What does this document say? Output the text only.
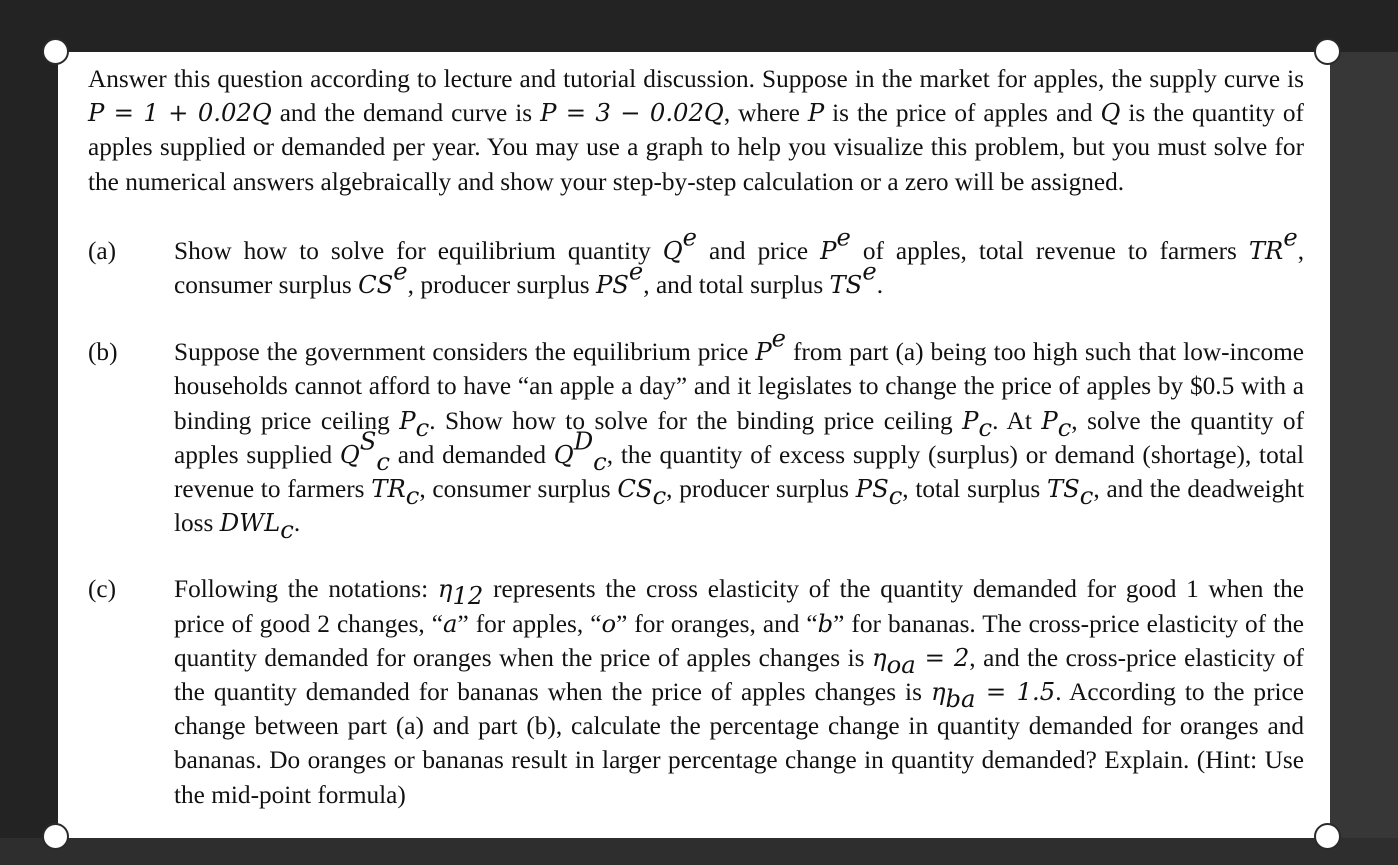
Answer this question according to lecture and tutorial discussion. Suppose in the market for apples, the supply curve is P = 1 + 0.02Q and the demand curve is P = 3 − 0.02Q, where P is the price of apples and Q is the quantity of apples supplied or demanded per year. You may use a graph to help you visualize this problem, but you must solve for the numerical answers algebraically and show your step-by-step calculation or a zero will be assigned.

(a) Show how to solve for equilibrium quantity $Q^e$ and price $P^e$ of apples, total revenue to farmers $TR^e$, consumer surplus $CS^e$, producer surplus $PS^e$, and total surplus $TS^e$.
(b) Suppose the government considers the equilibrium price $P^e$ from part (a) being too high such that low-income households cannot afford to have “an apple a day” and it legislates to change the price of apples by $0.5 with a binding price ceiling $P_c$. Show how to solve for the binding price ceiling $P_c$. At $P_c$, solve the quantity of apples supplied $Q^S_c$ and demanded $Q^D_c$, the quantity of excess supply (surplus) or demand (shortage), total revenue to farmers $TR_c$, consumer surplus $CS_c$, producer surplus $PS_c$, total surplus $TS_c$, and the deadweight loss $DWL_c$.
(c) Following the notations: $\eta_{12}$ represents the cross elasticity of the quantity demanded for good 1 when the price of good 2 changes, “a” for apples, “o” for oranges, and “b” for bananas. The cross-price elasticity of the quantity demanded for oranges when the price of apples changes is $\eta_{oa} = 2$, and the cross-price elasticity of the quantity demanded for bananas when the price of apples changes is $\eta_{ba} = 1.5$. According to the price change between part (a) and part (b), calculate the percentage change in quantity demanded for oranges and bananas. Do oranges or bananas result in larger percentage change in quantity demanded? Explain. (Hint: Use the mid-point formula)
